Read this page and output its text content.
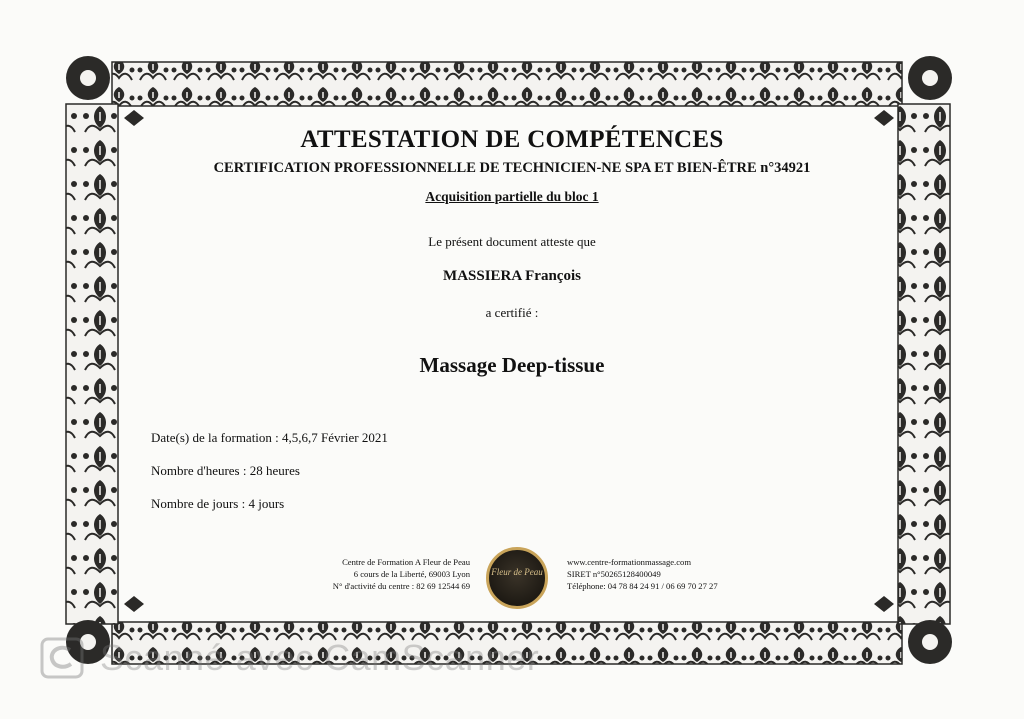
ATTESTATION DE COMPÉTENCES
CERTIFICATION PROFESSIONNELLE DE TECHNICIEN-NE SPA ET BIEN-ÊTRE n°34921
Acquisition partielle du bloc 1
Le présent document atteste que
MASSIERA François
a certifié :
Massage Deep-tissue
Date(s) de la formation : 4,5,6,7 Février 2021
Nombre d'heures : 28 heures
Nombre de jours : 4 jours
Centre de Formation A Fleur de Peau
6 cours de la Liberté, 69003 Lyon
N° d'activité du centre : 82 69 12544 69
Fleur de Peau
www.centre-formationmassage.com
SIRET n°50265128400049
Téléphone: 04 78 84 24 91 / 06 69 70 27 27
Scanné avec CamScanner
